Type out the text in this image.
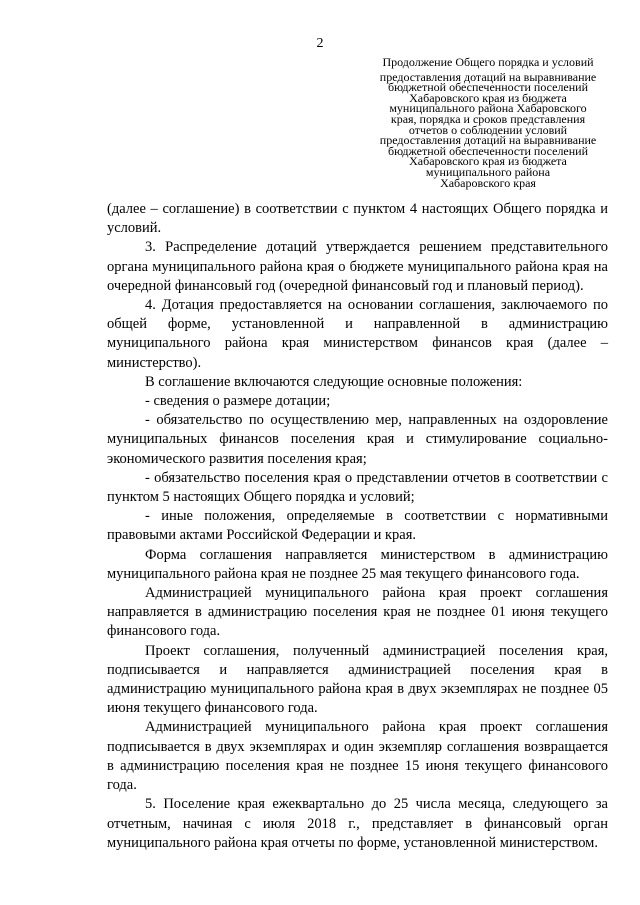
2
Продолжение Общего порядка и условий
предоставления дотаций на выравнивание
бюджетной обеспеченности поселений
Хабаровского края из бюджета
муниципального района Хабаровского
края, порядка и сроков представления
отчетов о соблюдении условий
предоставления дотаций на выравнивание
бюджетной обеспеченности поселений
Хабаровского края из бюджета
муниципального района
Хабаровского края

(далее – соглашение) в соответствии с пунктом 4 настоящих Общего порядка и условий.

3. Распределение дотаций утверждается решением представительного органа муниципального района края о бюджете муниципального района края на очередной финансовый год (очередной финансовый год и плановый период).

4. Дотация предоставляется на основании соглашения, заключаемого по общей форме, установленной и направленной в администрацию муниципального района края министерством финансов края (далее – министерство).

В соглашение включаются следующие основные положения:

- сведения о размере дотации;

- обязательство по осуществлению мер, направленных на оздоровление муниципальных финансов поселения края и стимулирование социально-экономического развития поселения края;

- обязательство поселения края о представлении отчетов в соответствии с пунктом 5 настоящих Общего порядка и условий;

- иные положения, определяемые в соответствии с нормативными правовыми актами Российской Федерации и края.

Форма соглашения направляется министерством в администрацию муниципального района края не позднее 25 мая текущего финансового года.

Администрацией муниципального района края проект соглашения направляется в администрацию поселения края не позднее 01 июня текущего финансового года.

Проект соглашения, полученный администрацией поселения края, подписывается и направляется администрацией поселения края в администрацию муниципального района края в двух экземплярах не позднее 05 июня текущего финансового года.

Администрацией муниципального района края проект соглашения подписывается в двух экземплярах и один экземпляр соглашения возвращается в администрацию поселения края не позднее 15 июня текущего финансового года.

5. Поселение края ежеквартально до 25 числа месяца, следующего за отчетным, начиная с июля 2018 г., представляет в финансовый орган муниципального района края отчеты по форме, установленной министерством.
